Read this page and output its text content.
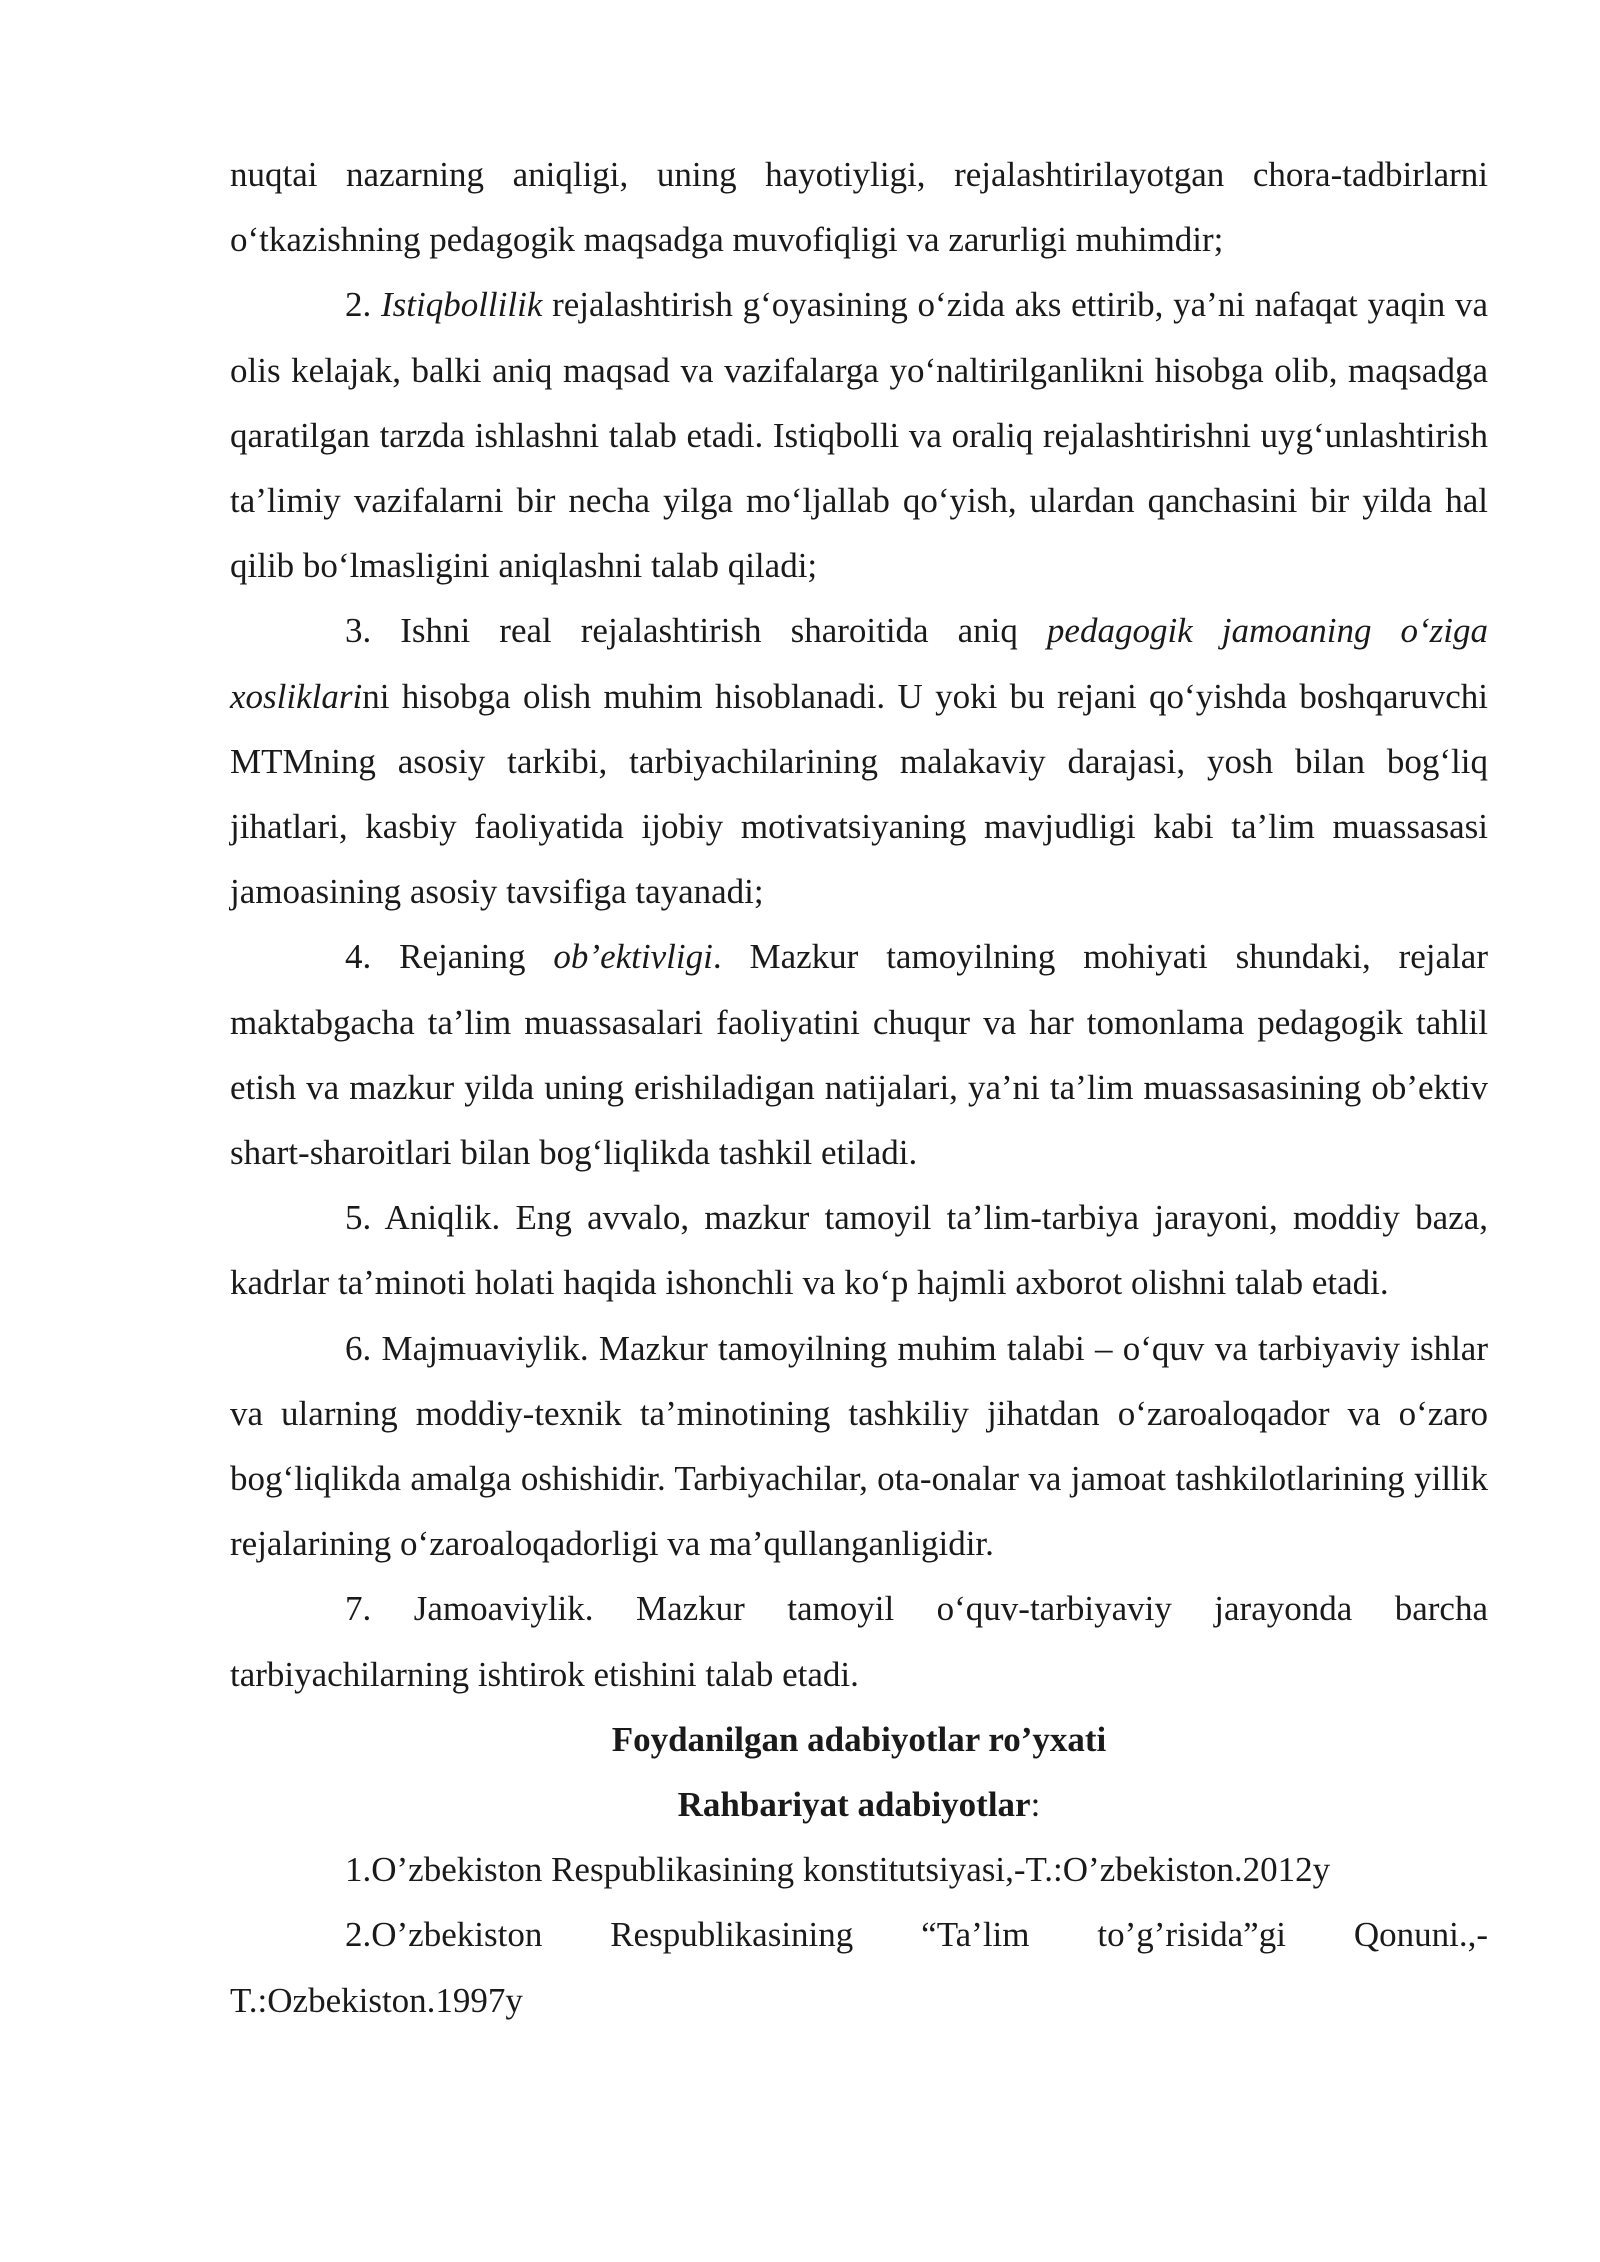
nuqtai nazarning aniqligi, uning hayotiyligi, rejalashtirilayotgan chora-tadbirlarni o‘tkazishning pedagogik maqsadga muvofiqligi va zarurligi muhimdir;

2. Istiqbollilik rejalashtirish g‘oyasining o‘zida aks ettirib, ya’ni nafaqat yaqin va olis kelajak, balki aniq maqsad va vazifalarga yo‘naltirilganlikni hisobga olib, maqsadga qaratilgan tarzda ishlashni talab etadi. Istiqbolli va oraliq rejalashtirishni uyg‘unlashtirish ta’limiy vazifalarni bir necha yilga mo‘ljallab qo‘yish, ulardan qanchasini bir yilda hal qilib bo‘lmasligini aniqlashni talab qiladi;

3. Ishni real rejalashtirish sharoitida aniq pedagogik jamoaning o‘ziga xosliklarini hisobga olish muhim hisoblanadi. U yoki bu rejani qo‘yishda boshqaruvchi MTMning asosiy tarkibi, tarbiyachilarining malakaviy darajasi, yosh bilan bog‘liq jihatlari, kasbiy faoliyatida ijobiy motivatsiyaning mavjudligi kabi ta’lim muassasasi jamoasining asosiy tavsifiga tayanadi;

4. Rejaning ob’ektivligi. Mazkur tamoyilning mohiyati shundaki, rejalar maktabgacha ta’lim muassasalari faoliyatini chuqur va har tomonlama pedagogik tahlil etish va mazkur yilda uning erishiladigan natijalari, ya’ni ta’lim muassasasining ob’ektiv shart-sharoitlari bilan bog‘liqlikda tashkil etiladi.

5. Aniqlik. Eng avvalo, mazkur tamoyil ta’lim-tarbiya jarayoni, moddiy baza, kadrlar ta’minoti holati haqida ishonchli va ko‘p hajmli axborot olishni talab etadi.

6. Majmuaviylik. Mazkur tamoyilning muhim talabi – o‘quv va tarbiyaviy ishlar va ularning moddiy-texnik ta’minotining tashkiliy jihatdan o‘zaroaloqador va o‘zaro bog‘liqlikda amalga oshishidir. Tarbiyachilar, ota-onalar va jamoat tashkilotlarining yillik rejalarining o‘zaroaloqadorligi va ma’qullanganligidir.

7. Jamoaviylik. Mazkur tamoyil o‘quv-tarbiyaviy jarayonda barcha tarbiyachilarning ishtirok etishini talab etadi.

Foydanilgan adabiyotlar ro’yxati

Rahbariyat adabiyotlar:

1.O’zbekiston Respublikasining konstitutsiyasi,-T.:O’zbekiston.2012y

2.O’zbekiston Respublikasining “Ta’lim to’g’risida”gi Qonuni.,-T.:Ozbekiston.1997y
